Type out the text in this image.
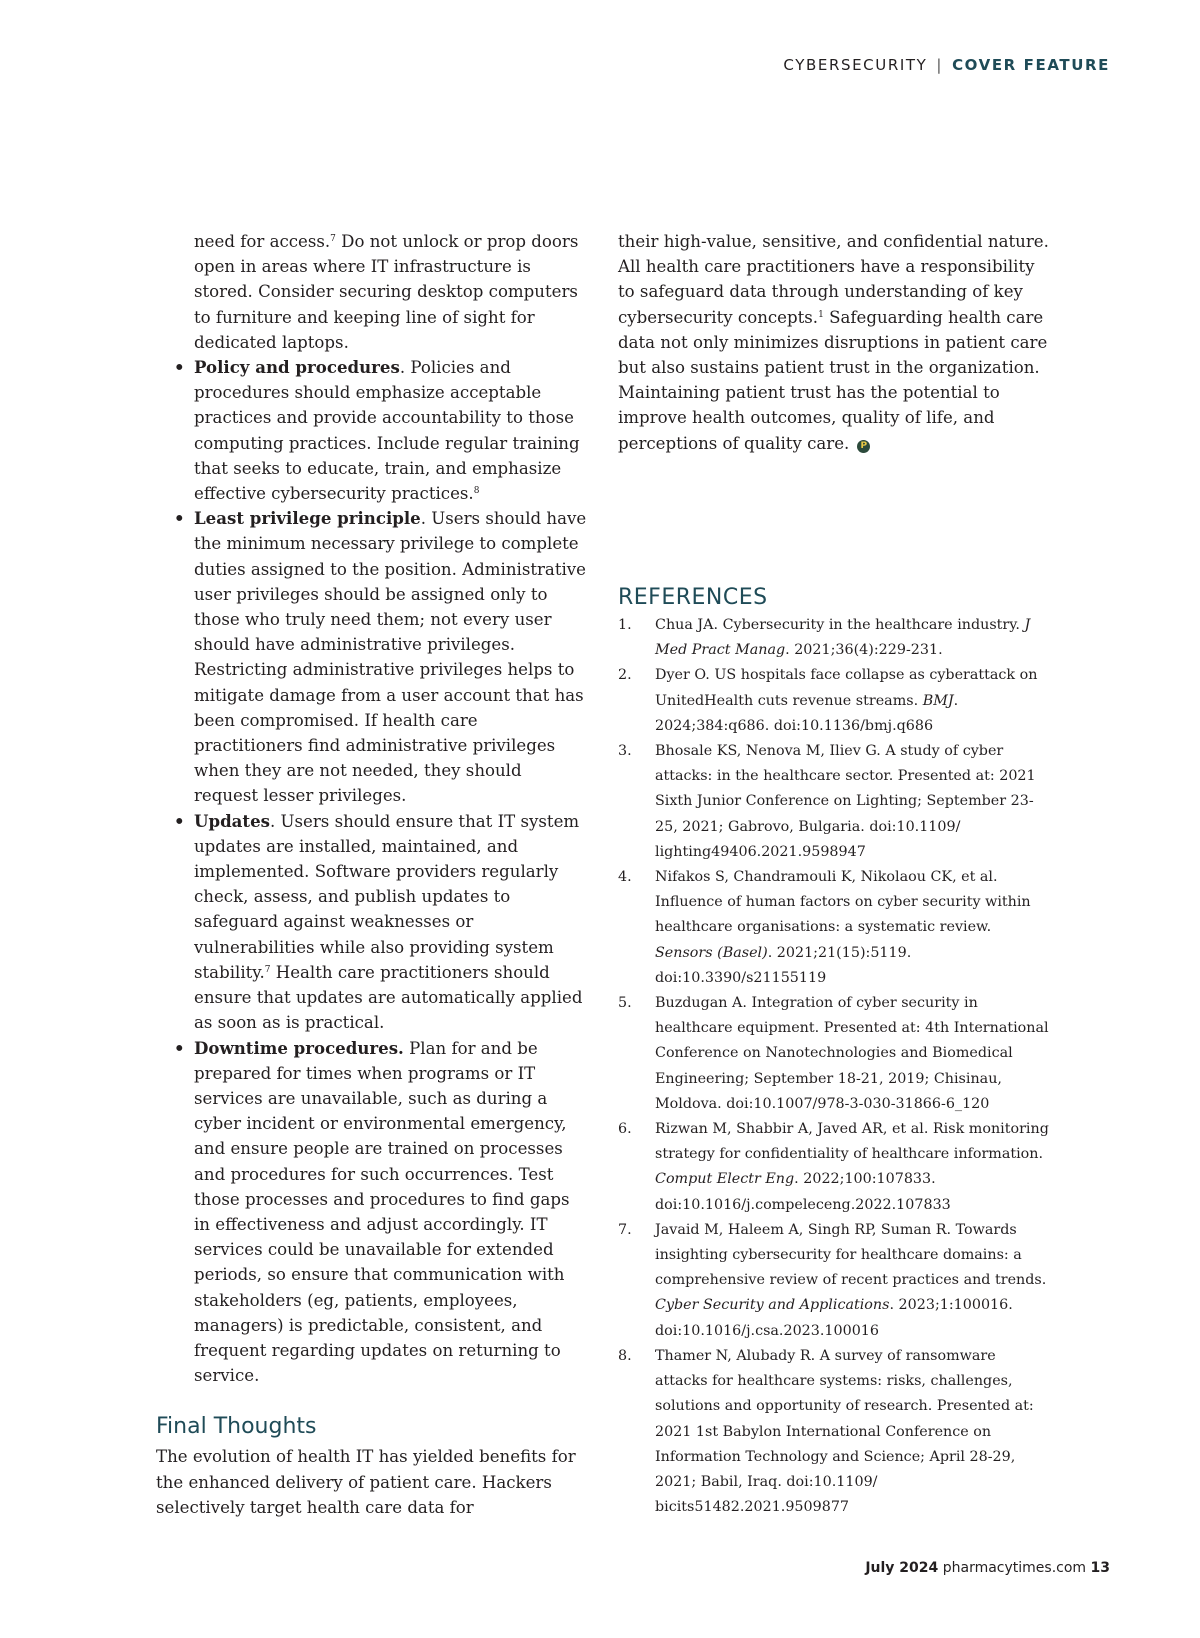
CYBERSECURITY | COVER FEATURE

need for access.$^7$ Do not unlock or prop doors open in areas where IT infrastructure is stored. Consider securing desktop computers to furniture and keeping line of sight for dedicated laptops.

• Policy and procedures. Policies and procedures should emphasize acceptable practices and provide accountability to those computing practices. Include regular training that seeks to educate, train, and emphasize effective cybersecurity practices.$^8$
• Least privilege principle. Users should have the minimum necessary privilege to complete duties assigned to the position. Administrative user privileges should be assigned only to those who truly need them; not every user should have administrative privileges. Restricting administrative privileges helps to mitigate damage from a user account that has been compromised. If health care practitioners find administrative privileges when they are not needed, they should request lesser privileges.
• Updates. Users should ensure that IT system updates are installed, maintained, and implemented. Software providers regularly check, assess, and publish updates to safeguard against weaknesses or vulnerabilities while also providing system stability.$^7$ Health care practitioners should ensure that updates are automatically applied as soon as is practical.
• Downtime procedures. Plan for and be prepared for times when programs or IT services are unavailable, such as during a cyber incident or environmental emergency, and ensure people are trained on processes and procedures for such occurrences. Test those processes and procedures to find gaps in effectiveness and adjust accordingly. IT services could be unavailable for extended periods, so ensure that communication with stakeholders (eg, patients, employees, managers) is predictable, consistent, and frequent regarding updates on returning to service.
Final Thoughts

The evolution of health IT has yielded benefits for the enhanced delivery of patient care. Hackers selectively target health care data for

their high-value, sensitive, and confidential nature. All health care practitioners have a responsibility to safeguard data through understanding of key cybersecurity concepts.$^1$ Safeguarding health care data not only minimizes disruptions in patient care but also sustains patient trust in the organization. Maintaining patient trust has the potential to improve health outcomes, quality of life, and perceptions of quality care. P

REFERENCES
1. Chua JA. Cybersecurity in the healthcare industry. J Med Pract Manag. 2021;36(4):229-231.
2. Dyer O. US hospitals face collapse as cyberattack on UnitedHealth cuts revenue streams. BMJ. 2024;384:q686. doi:10.1136/bmj.q686
3. Bhosale KS, Nenova M, Iliev G. A study of cyber attacks: in the healthcare sector. Presented at: 2021 Sixth Junior Conference on Lighting; September 23-25, 2021; Gabrovo, Bulgaria. doi:10.1109/ lighting49406.2021.9598947
4. Nifakos S, Chandramouli K, Nikolaou CK, et al. Influence of human factors on cyber security within healthcare organisations: a systematic review. Sensors (Basel). 2021;21(15):5119. doi:10.3390/s21155119
5. Buzdugan A. Integration of cyber security in healthcare equipment. Presented at: 4th International Conference on Nanotechnologies and Biomedical Engineering; September 18-21, 2019; Chisinau, Moldova. doi:10.1007/978-3-030-31866-6_120
6. Rizwan M, Shabbir A, Javed AR, et al. Risk monitoring strategy for confidentiality of healthcare information. Comput Electr Eng. 2022;100:107833. doi:10.1016/j.compeleceng.2022.107833
7. Javaid M, Haleem A, Singh RP, Suman R. Towards insighting cybersecurity for healthcare domains: a comprehensive review of recent practices and trends. Cyber Security and Applications. 2023;1:100016. doi:10.1016/j.csa.2023.100016
8. Thamer N, Alubady R. A survey of ransomware attacks for healthcare systems: risks, challenges, solutions and opportunity of research. Presented at: 2021 1st Babylon International Conference on Information Technology and Science; April 28-29, 2021; Babil, Iraq. doi:10.1109/ bicits51482.2021.9509877
July 2024 pharmacytimes.com 13
